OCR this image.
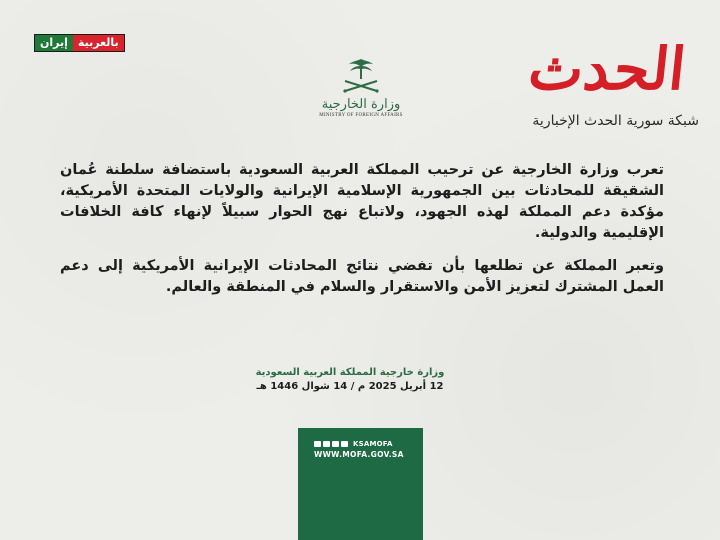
إيران بالعربية
وزارة الخارجية
MINISTRY OF FOREIGN AFFAIRS
الحدث
شبكة سورية الحدث الإخبارية

تعرب وزارة الخارجية عن ترحيب المملكة العربية السعودية باستضافة سلطنة عُمان الشقيقة للمحادثات بين الجمهورية الإسلامية الإيرانية والولايات المتحدة الأمريكية، مؤكدة دعم المملكة لهذه الجهود، ولاتباع نهج الحوار سبيلاً لإنهاء كافة الخلافات الإقليمية والدولية.

وتعبر المملكة عن تطلعها بأن تفضي نتائج المحادثات الإيرانية الأمريكية إلى دعم العمل المشترك لتعزيز الأمن والاستقرار والسلام في المنطقة والعالم.

وزارة خارجية المملكة العربية السعودية
12 أبريل 2025 م / 14 شوال 1446 هـ
KSAMOFA
WWW.MOFA.GOV.SA
